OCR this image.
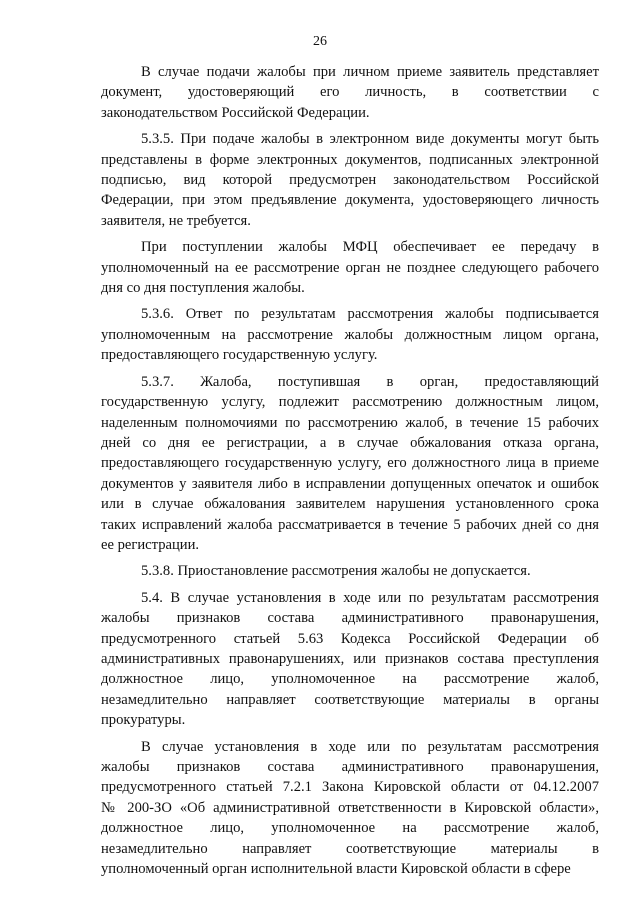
26
В случае подачи жалобы при личном приеме заявитель представляет
документ, удостоверяющий его личность, в соответствии с
законодательством Российской Федерации.
5.3.5. При подаче жалобы в электронном виде документы могут быть
представлены в форме электронных документов, подписанных электронной
подписью, вид которой предусмотрен законодательством Российской
Федерации, при этом предъявление документа, удостоверяющего личность
заявителя, не требуется.
При поступлении жалобы МФЦ обеспечивает ее передачу в
уполномоченный на ее рассмотрение орган не позднее следующего рабочего
дня со дня поступления жалобы.
5.3.6. Ответ по результатам рассмотрения жалобы подписывается
уполномоченным на рассмотрение жалобы должностным лицом органа,
предоставляющего государственную услугу.
5.3.7. Жалоба, поступившая в орган, предоставляющий
государственную услугу, подлежит рассмотрению должностным лицом,
наделенным полномочиями по рассмотрению жалоб, в течение 15 рабочих
дней со дня ее регистрации, а в случае обжалования отказа органа,
предоставляющего государственную услугу, его должностного лица в приеме
документов у заявителя либо в исправлении допущенных опечаток и ошибок
или в случае обжалования заявителем нарушения установленного срока
таких исправлений жалоба рассматривается в течение 5 рабочих дней со дня
ее регистрации.
5.3.8. Приостановление рассмотрения жалобы не допускается.
5.4. В случае установления в ходе или по результатам рассмотрения
жалобы признаков состава административного правонарушения,
предусмотренного статьей 5.63 Кодекса Российской Федерации об
административных правонарушениях, или признаков состава преступления
должностное лицо, уполномоченное на рассмотрение жалоб,
незамедлительно направляет соответствующие материалы в органы
прокуратуры.
В случае установления в ходе или по результатам рассмотрения
жалобы признаков состава административного правонарушения,
предусмотренного статьей 7.2.1 Закона Кировской области от 04.12.2007
№ 200-ЗО «Об административной ответственности в Кировской области»,
должностное лицо, уполномоченное на рассмотрение жалоб,
незамедлительно направляет соответствующие материалы в
уполномоченный орган исполнительной власти Кировской области в сфере
